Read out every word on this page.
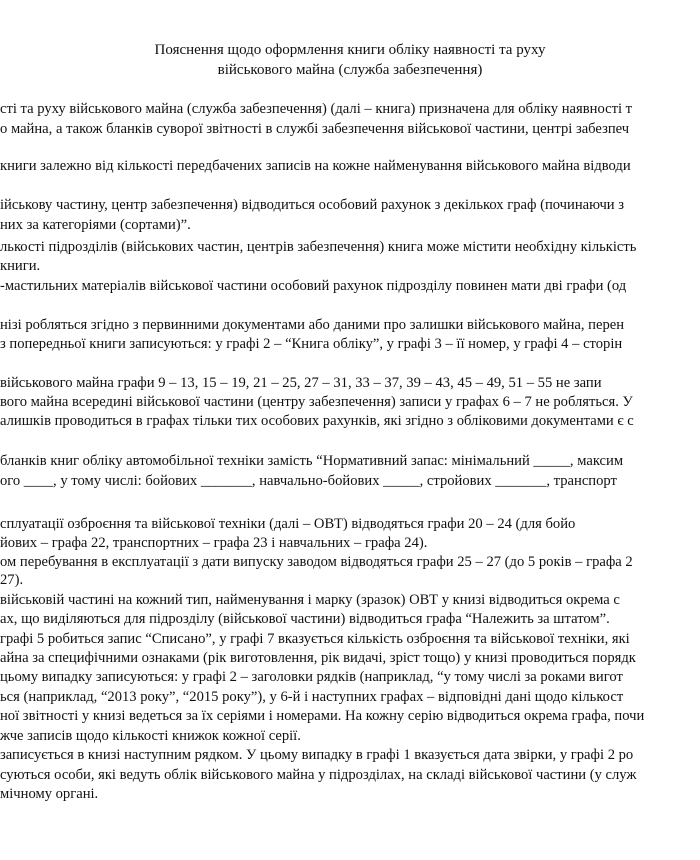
Пояснення щодо оформлення книги обліку наявності та руху
військового майна (служба забезпечення)
сті та руху військового майна (служба забезпечення) (далі – книга) призначена для обліку наявності т
о майна, а також бланків суворої звітності в службі забезпечення військової частини, центрі забезпеч
книги залежно від кількості передбачених записів на кожне найменування військового майна відводи
ійськову частину, центр забезпечення) відводиться особовий рахунок з декількох граф (починаючи з
них за категоріями (сортами)”.
лькості підрозділів (військових частин, центрів забезпечення) книга може містити необхідну кількість
книги.
-мастильних матеріалів військової частини особовий рахунок підрозділу повинен мати дві графи (од
нізі робляться згідно з первинними документами або даними про залишки військового майна, перен
з попередньої книги записуються: у графі 2 – “Книга обліку”, у графі 3 – її номер, у графі 4 – сторін
військового майна графи 9 – 13, 15 – 19, 21 – 25, 27 – 31, 33 – 37, 39 – 43, 45 – 49, 51 – 55 не запи
вого майна всередині військової частини (центру забезпечення) записи у графах 6 – 7 не робляться. У
алишків проводиться в графах тільки тих особових рахунків, які згідно з обліковими документами є с
бланків книг обліку автомобільної техніки замість “Нормативний запас: мінімальний _____, максим
ого ____, у тому числі: бойових _______, навчально-бойових _____, стройових _______, транспорт
сплуатації озброєння та військової техніки (далі – ОВТ) відводяться графи 20 – 24 (для бойо
йових – графа 22, транспортних – графа 23 і навчальних – графа 24).
ом перебування в експлуатації з дати випуску заводом відводяться графи 25 – 27 (до 5 років – графа 2
27).
військовій частині на кожний тип, найменування і марку (зразок) ОВТ у книзі відводиться окрема с
ах, що виділяються для підрозділу (військової частини) відводиться графа “Належить за штатом”.
графі 5 робиться запис “Списано”, у графі 7 вказується кількість озброєння та військової техніки, які
айна за специфічними ознаками (рік виготовлення, рік видачі, зріст тощо) у книзі проводиться порядк
цьому випадку записуються: у графі 2 – заголовки рядків (наприклад, “у тому числі за роками вигот
ься (наприклад, “2013 року”, “2015 року”), у 6-й і наступних графах – відповідні дані щодо кількост
ної звітності у книзі ведеться за їх серіями і номерами. На кожну серію відводиться окрема графа, почи
жче записів щодо кількості книжок кожної серії.
записується в книзі наступним рядком. У цьому випадку в графі 1 вказується дата звірки, у графі 2 ро
суються особи, які ведуть облік військового майна у підрозділах, на складі військової частини (у служ
мічному органі.
